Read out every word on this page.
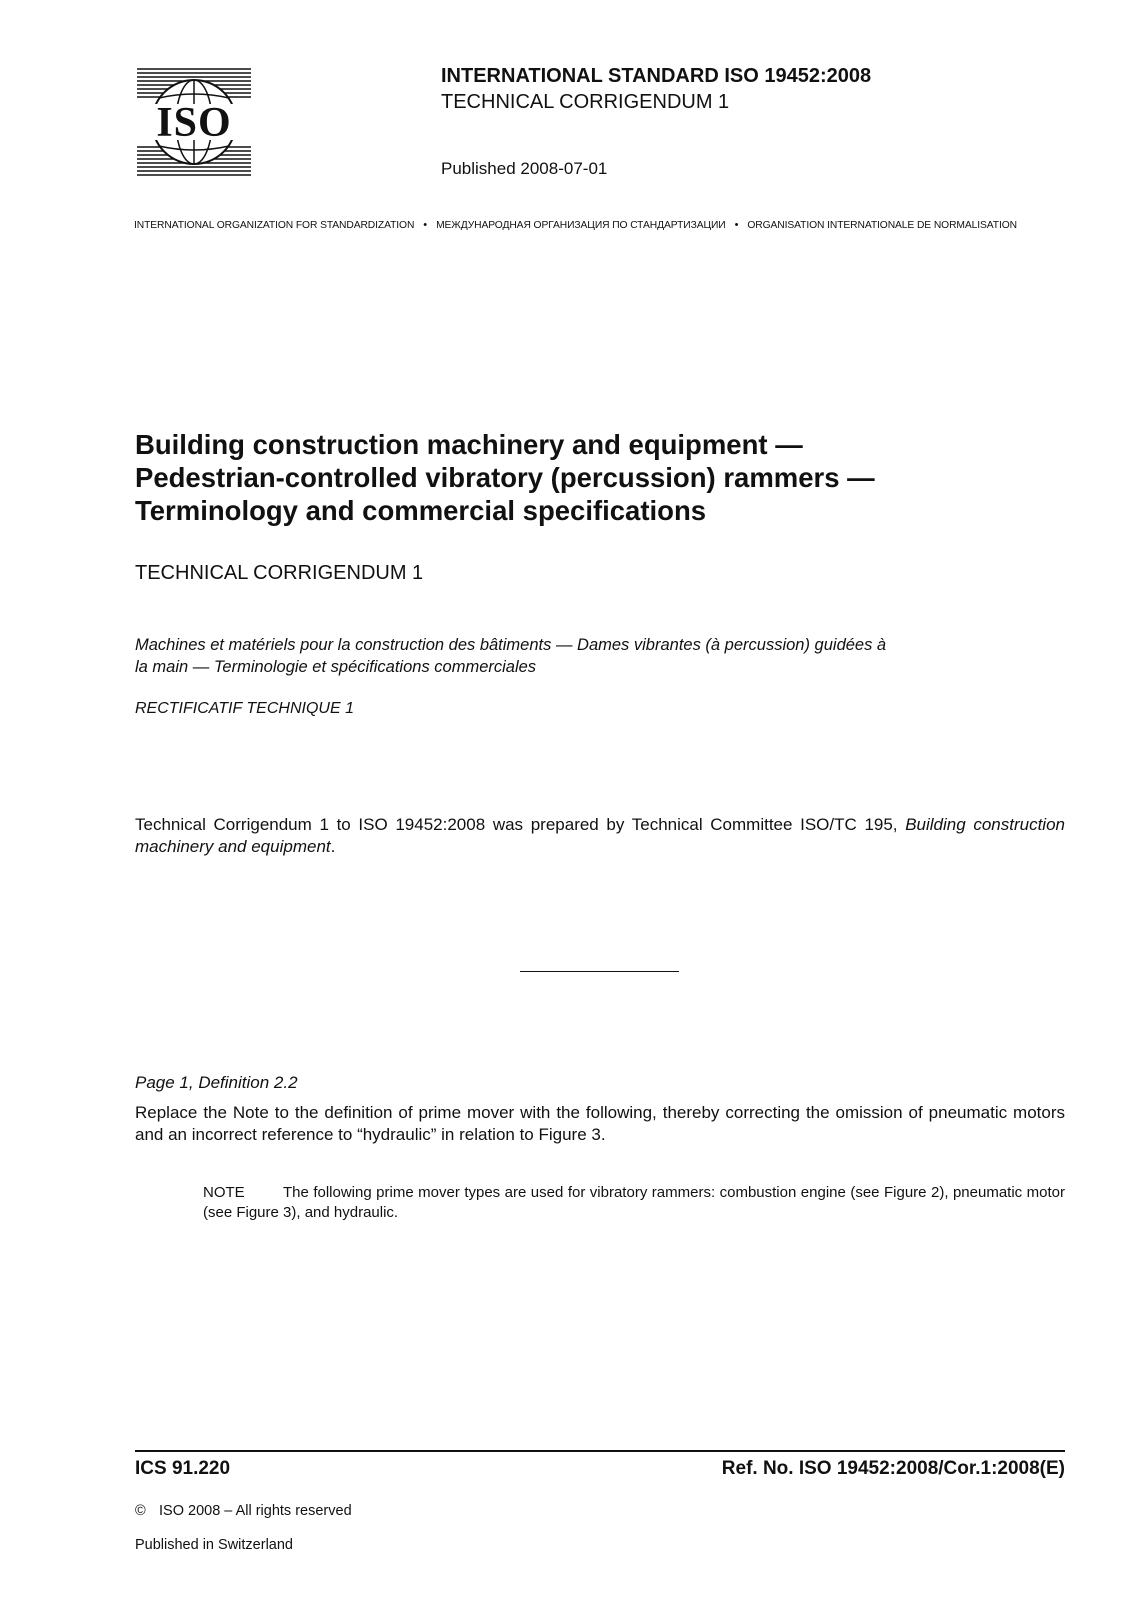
ISO
INTERNATIONAL STANDARD ISO 19452:2008
TECHNICAL CORRIGENDUM 1
Published 2008-07-01
INTERNATIONAL ORGANIZATION FOR STANDARDIZATION • МЕЖДУНАРОДНАЯ ОРГАНИЗАЦИЯ ПО СТАНДАРТИЗАЦИИ • ORGANISATION INTERNATIONALE DE NORMALISATION
Building construction machinery and equipment —
Pedestrian-controlled vibratory (percussion) rammers —
Terminology and commercial specifications
TECHNICAL CORRIGENDUM 1
Machines et matériels pour la construction des bâtiments — Dames vibrantes (à percussion) guidées à
la main — Terminologie et spécifications commerciales
RECTIFICATIF TECHNIQUE 1
Technical Corrigendum 1 to ISO 19452:2008 was prepared by Technical Committee ISO/TC 195, Building construction machinery and equipment.
Page 1, Definition 2.2
Replace the Note to the definition of prime mover with the following, thereby correcting the omission of pneumatic motors and an incorrect reference to “hydraulic” in relation to Figure 3.
NOTE	The following prime mover types are used for vibratory rammers: combustion engine (see Figure 2), pneumatic motor (see Figure 3), and hydraulic.
ICS 91.220	Ref. No. ISO 19452:2008/Cor.1:2008(E)
© ISO 2008 – All rights reserved
Published in Switzerland
